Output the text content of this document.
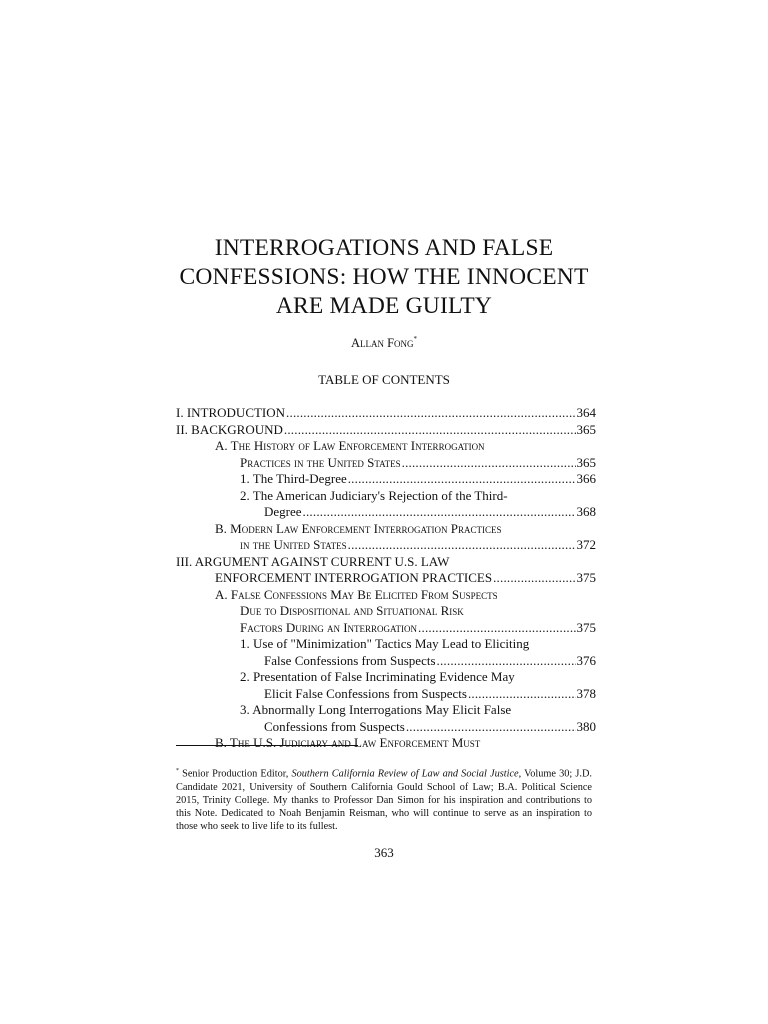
INTERROGATIONS AND FALSE
CONFESSIONS: HOW THE INNOCENT
ARE MADE GUILTY
Allan Fong*
TABLE OF CONTENTS
I. INTRODUCTION .....	364
II. BACKGROUND .....	365
A. The History of Law Enforcement Interrogation
Practices in the United States .....	365
1. The Third-Degree .....	366
2. The American Judiciary's Rejection of the Third-
Degree .....	368
B. Modern Law Enforcement Interrogation Practices
in the United States .....	372
III. ARGUMENT AGAINST CURRENT U.S. LAW
ENFORCEMENT INTERROGATION PRACTICES .....	375
A. False Confessions May Be Elicited From Suspects
Due to Dispositional and Situational Risk
Factors During an Interrogation .....	375
1. Use of "Minimization" Tactics May Lead to Eliciting
False Confessions from Suspects .....	376
2. Presentation of False Incriminating Evidence May
Elicit False Confessions from Suspects .....	378
3. Abnormally Long Interrogations May Elicit False
Confessions from Suspects .....	380
B. The U.S. Judiciary and Law Enforcement Must
* Senior Production Editor, Southern California Review of Law and Social Justice, Volume 30; J.D. Candidate 2021, University of Southern California Gould School of Law; B.A. Political Science 2015, Trinity College. My thanks to Professor Dan Simon for his inspiration and contributions to this Note. Dedicated to Noah Benjamin Reisman, who will continue to serve as an inspiration to those who seek to live life to its fullest.
363
